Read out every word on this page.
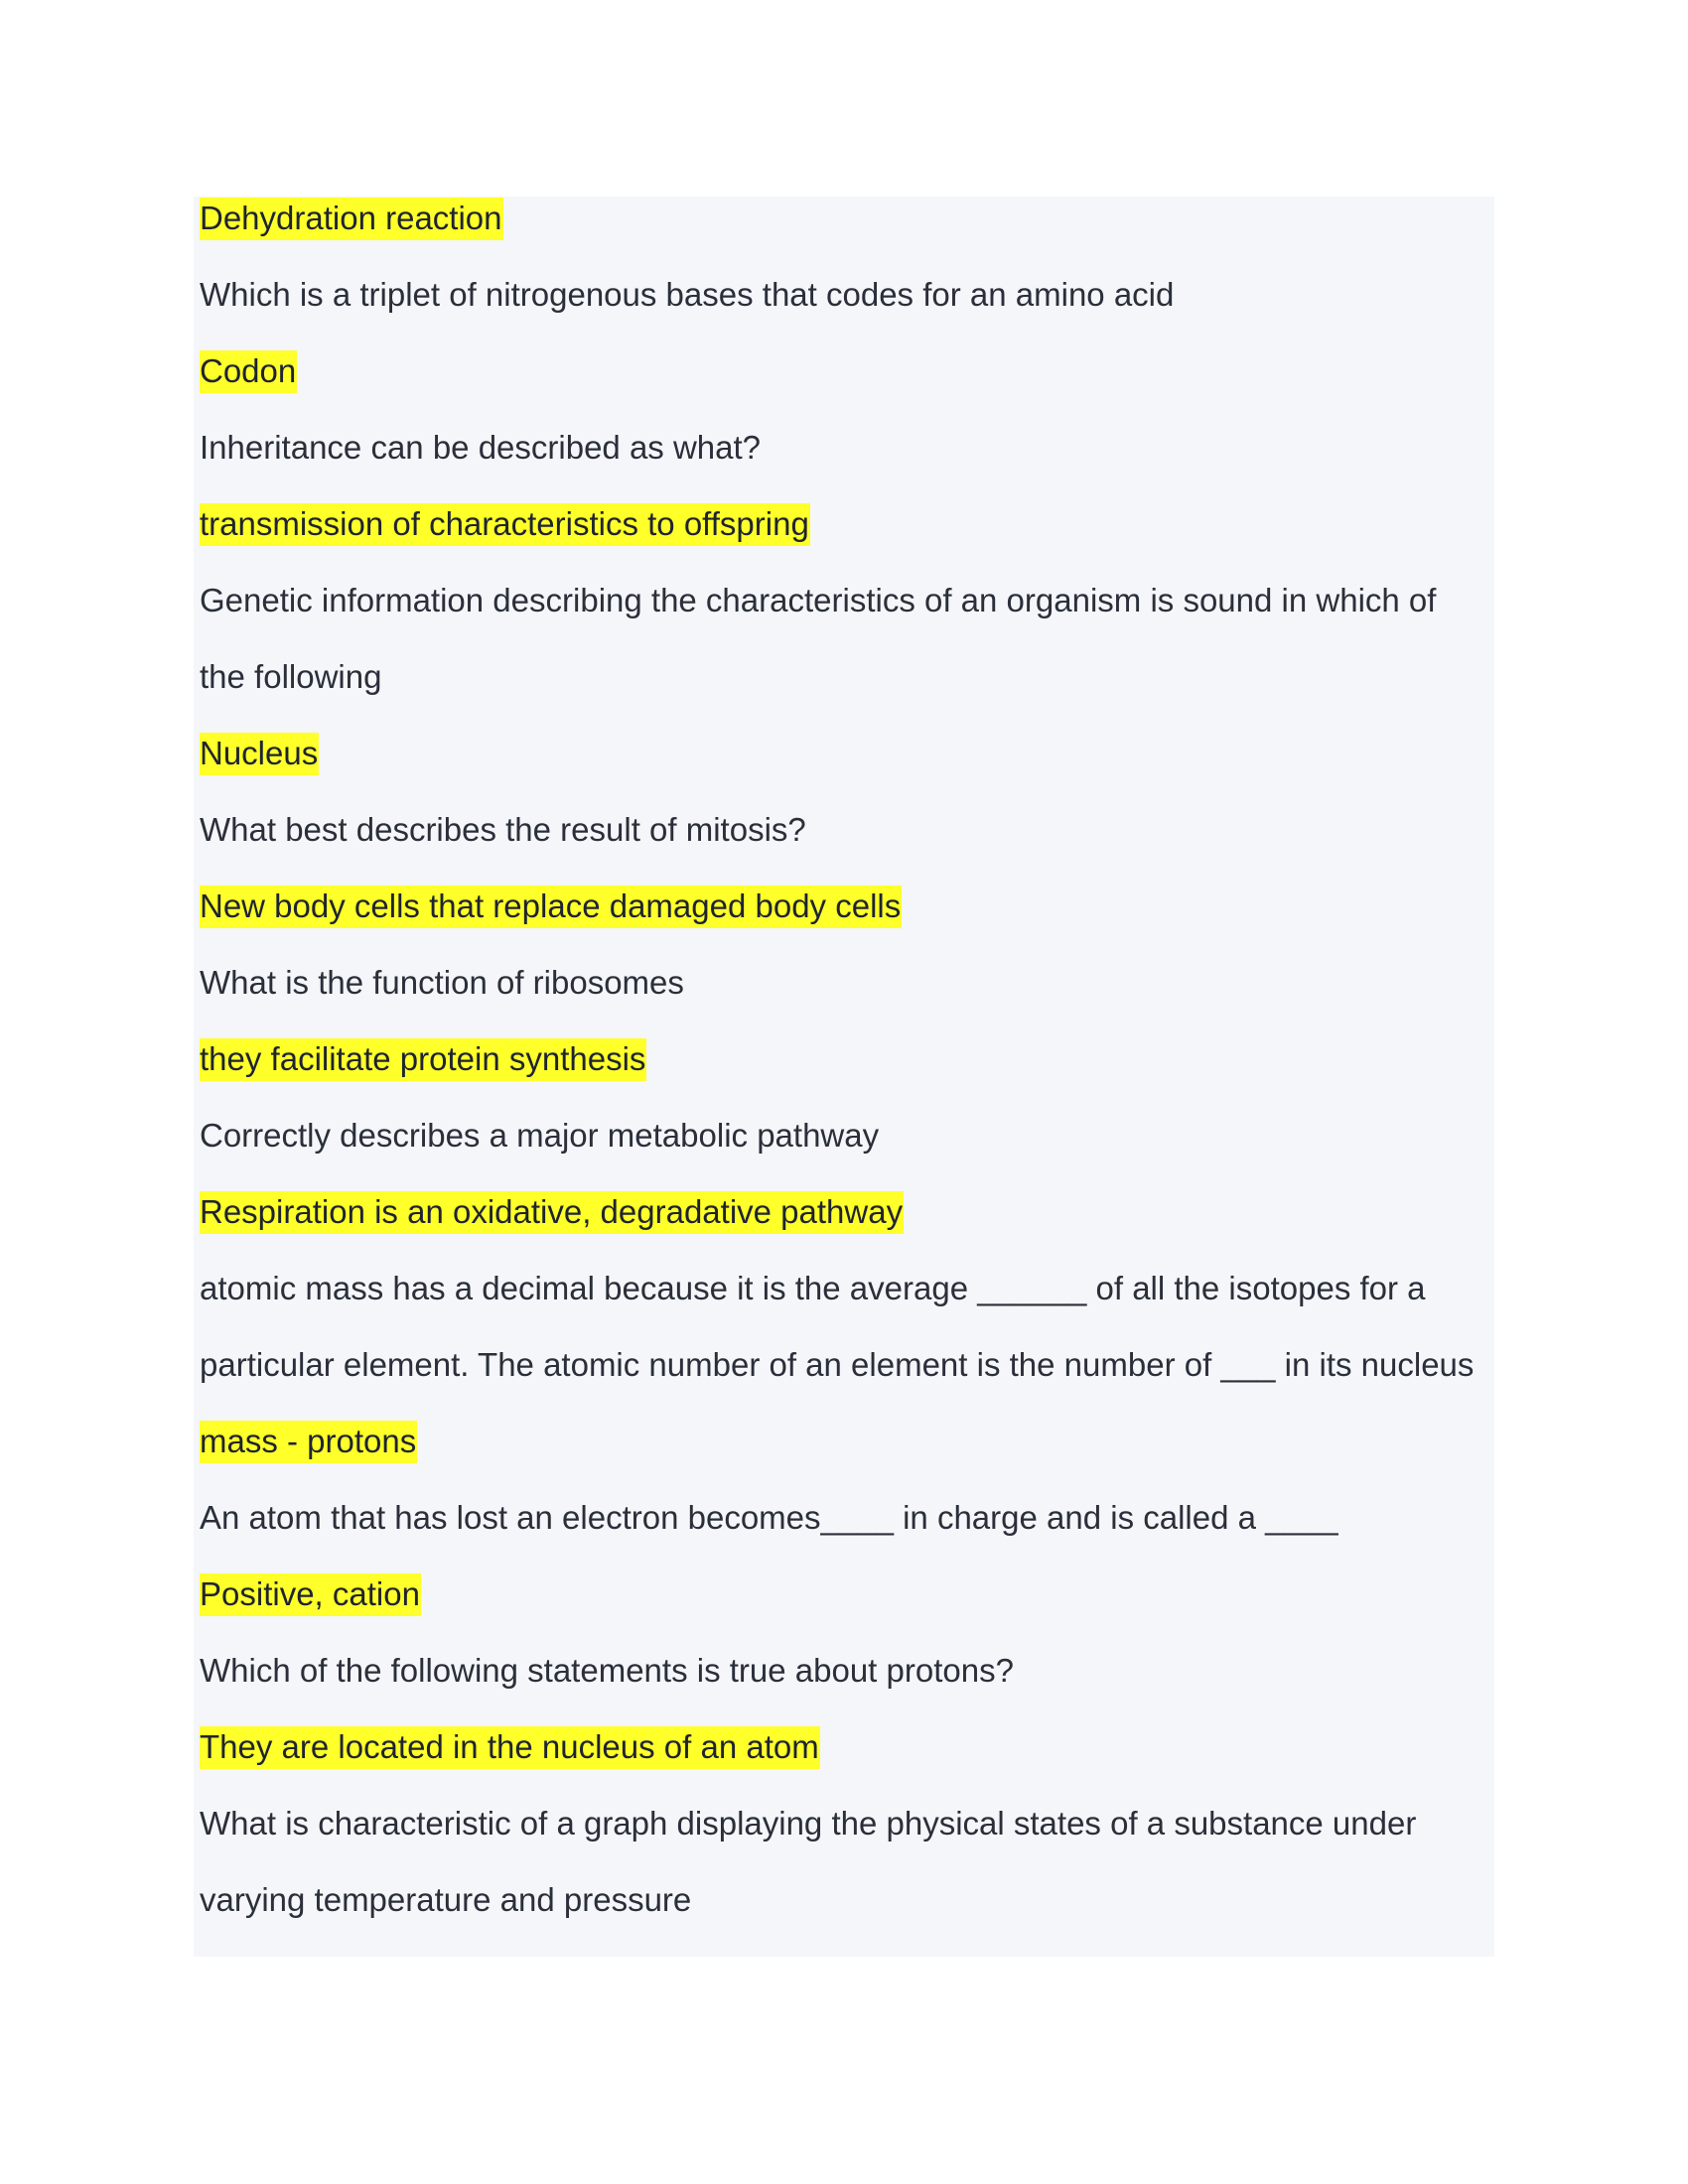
Dehydration reaction
Which is a triplet of nitrogenous bases that codes for an amino acid
Codon
Inheritance can be described as what?
transmission of characteristics to offspring
Genetic information describing the characteristics of an organism is sound in which of
the following
Nucleus
What best describes the result of mitosis?
New body cells that replace damaged body cells
What is the function of ribosomes
they facilitate protein synthesis
Correctly describes a major metabolic pathway
Respiration is an oxidative, degradative pathway
atomic mass has a decimal because it is the average ______ of all the isotopes for a
particular element. The atomic number of an element is the number of ___ in its nucleus
mass - protons
An atom that has lost an electron becomes____ in charge and is called a ____
Positive, cation
Which of the following statements is true about protons?
They are located in the nucleus of an atom
What is characteristic of a graph displaying the physical states of a substance under
varying temperature and pressure
